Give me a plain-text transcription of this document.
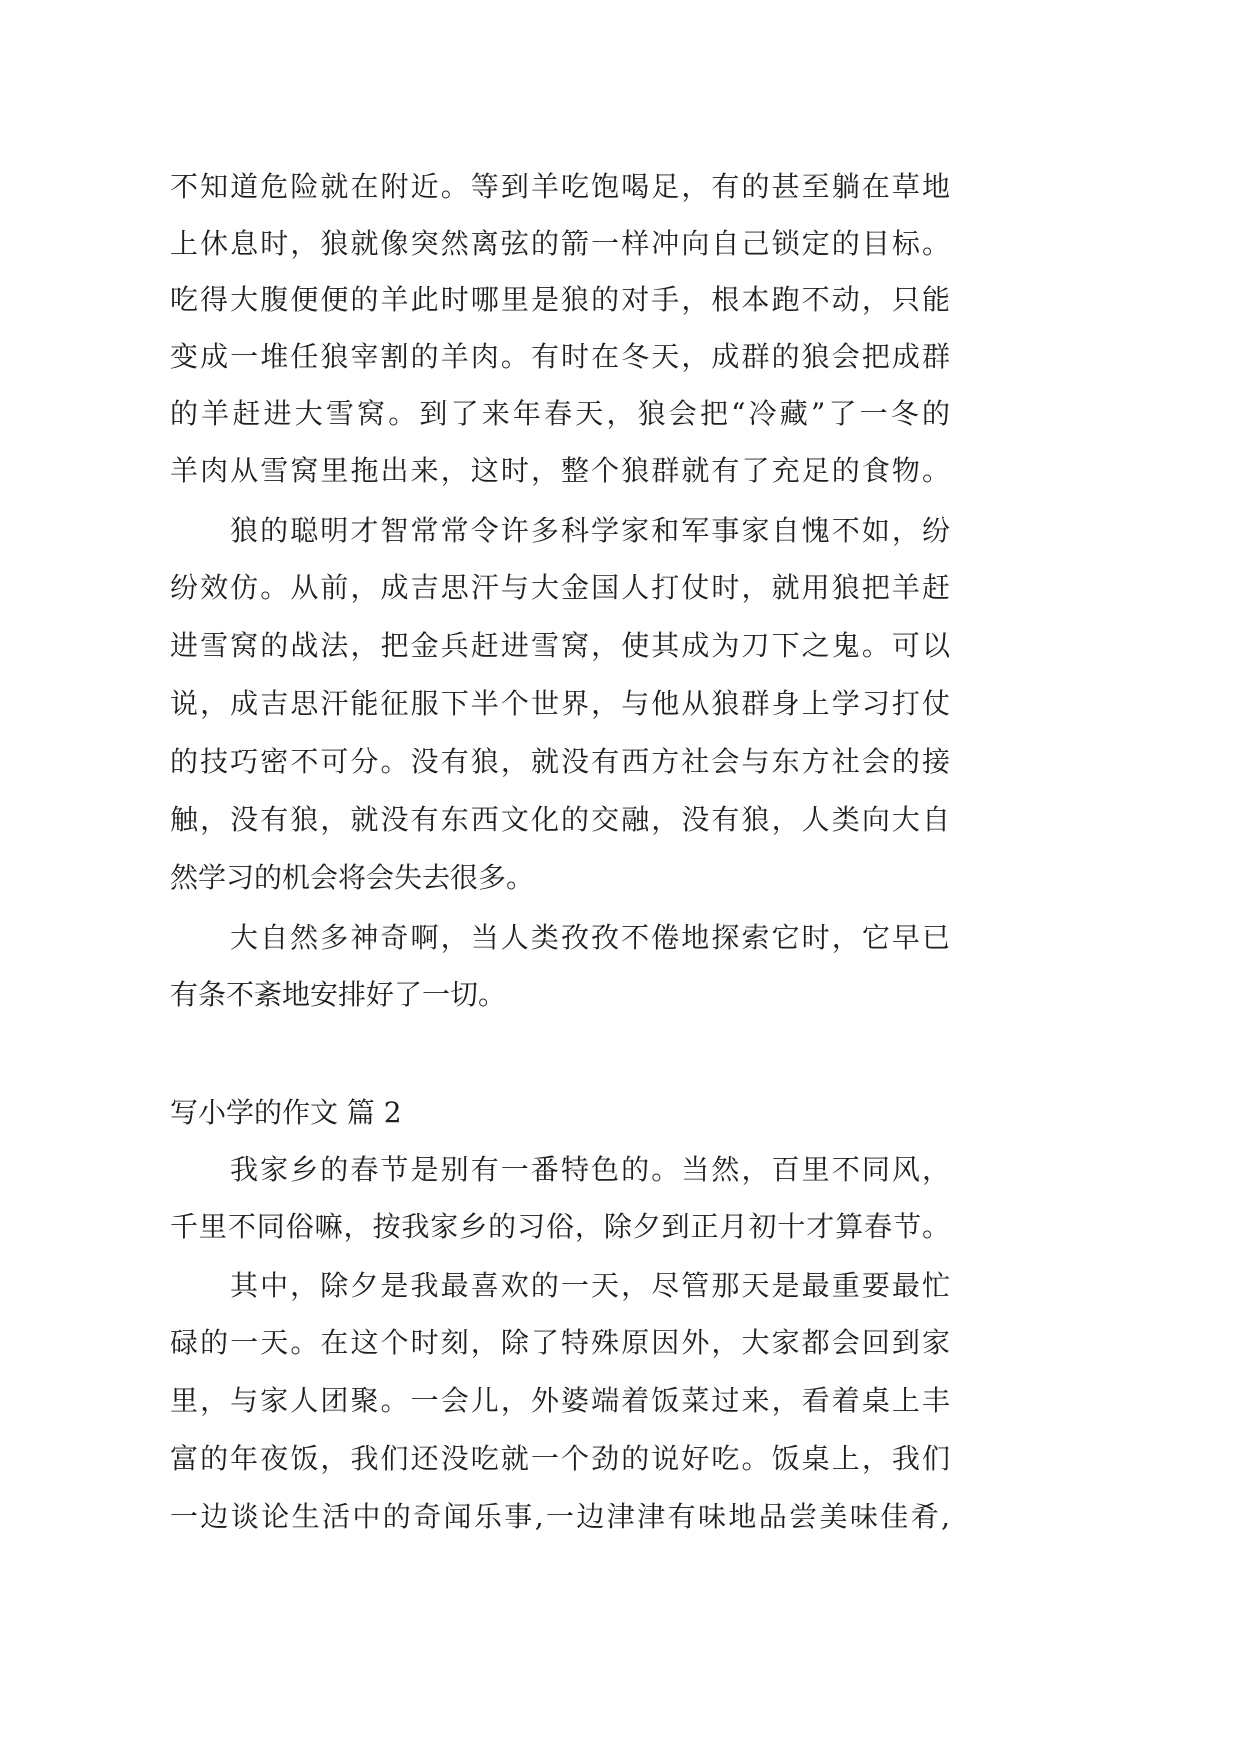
不知道危险就在附近。等到羊吃饱喝足，有的甚至躺在草地
上休息时，狼就像突然离弦的箭一样冲向自己锁定的目标。
吃得大腹便便的羊此时哪里是狼的对手，根本跑不动，只能
变成一堆任狼宰割的羊肉。有时在冬天，成群的狼会把成群
的羊赶进大雪窝。到了来年春天，狼会把“冷藏”了一冬的
羊肉从雪窝里拖出来，这时，整个狼群就有了充足的食物。
狼的聪明才智常常令许多科学家和军事家自愧不如，纷
纷效仿。从前，成吉思汗与大金国人打仗时，就用狼把羊赶
进雪窝的战法，把金兵赶进雪窝，使其成为刀下之鬼。可以
说，成吉思汗能征服下半个世界，与他从狼群身上学习打仗
的技巧密不可分。没有狼，就没有西方社会与东方社会的接
触，没有狼，就没有东西文化的交融，没有狼，人类向大自
然学习的机会将会失去很多。
大自然多神奇啊，当人类孜孜不倦地探索它时，它早已
有条不紊地安排好了一切。
写小学的作文 篇 2
我家乡的春节是别有一番特色的。当然，百里不同风，
千里不同俗嘛，按我家乡的习俗，除夕到正月初十才算春节。
其中，除夕是我最喜欢的一天，尽管那天是最重要最忙
碌的一天。在这个时刻，除了特殊原因外，大家都会回到家
里，与家人团聚。一会儿，外婆端着饭菜过来，看着桌上丰
富的年夜饭，我们还没吃就一个劲的说好吃。饭桌上，我们
一边谈论生活中的奇闻乐事,一边津津有味地品尝美味佳肴,
